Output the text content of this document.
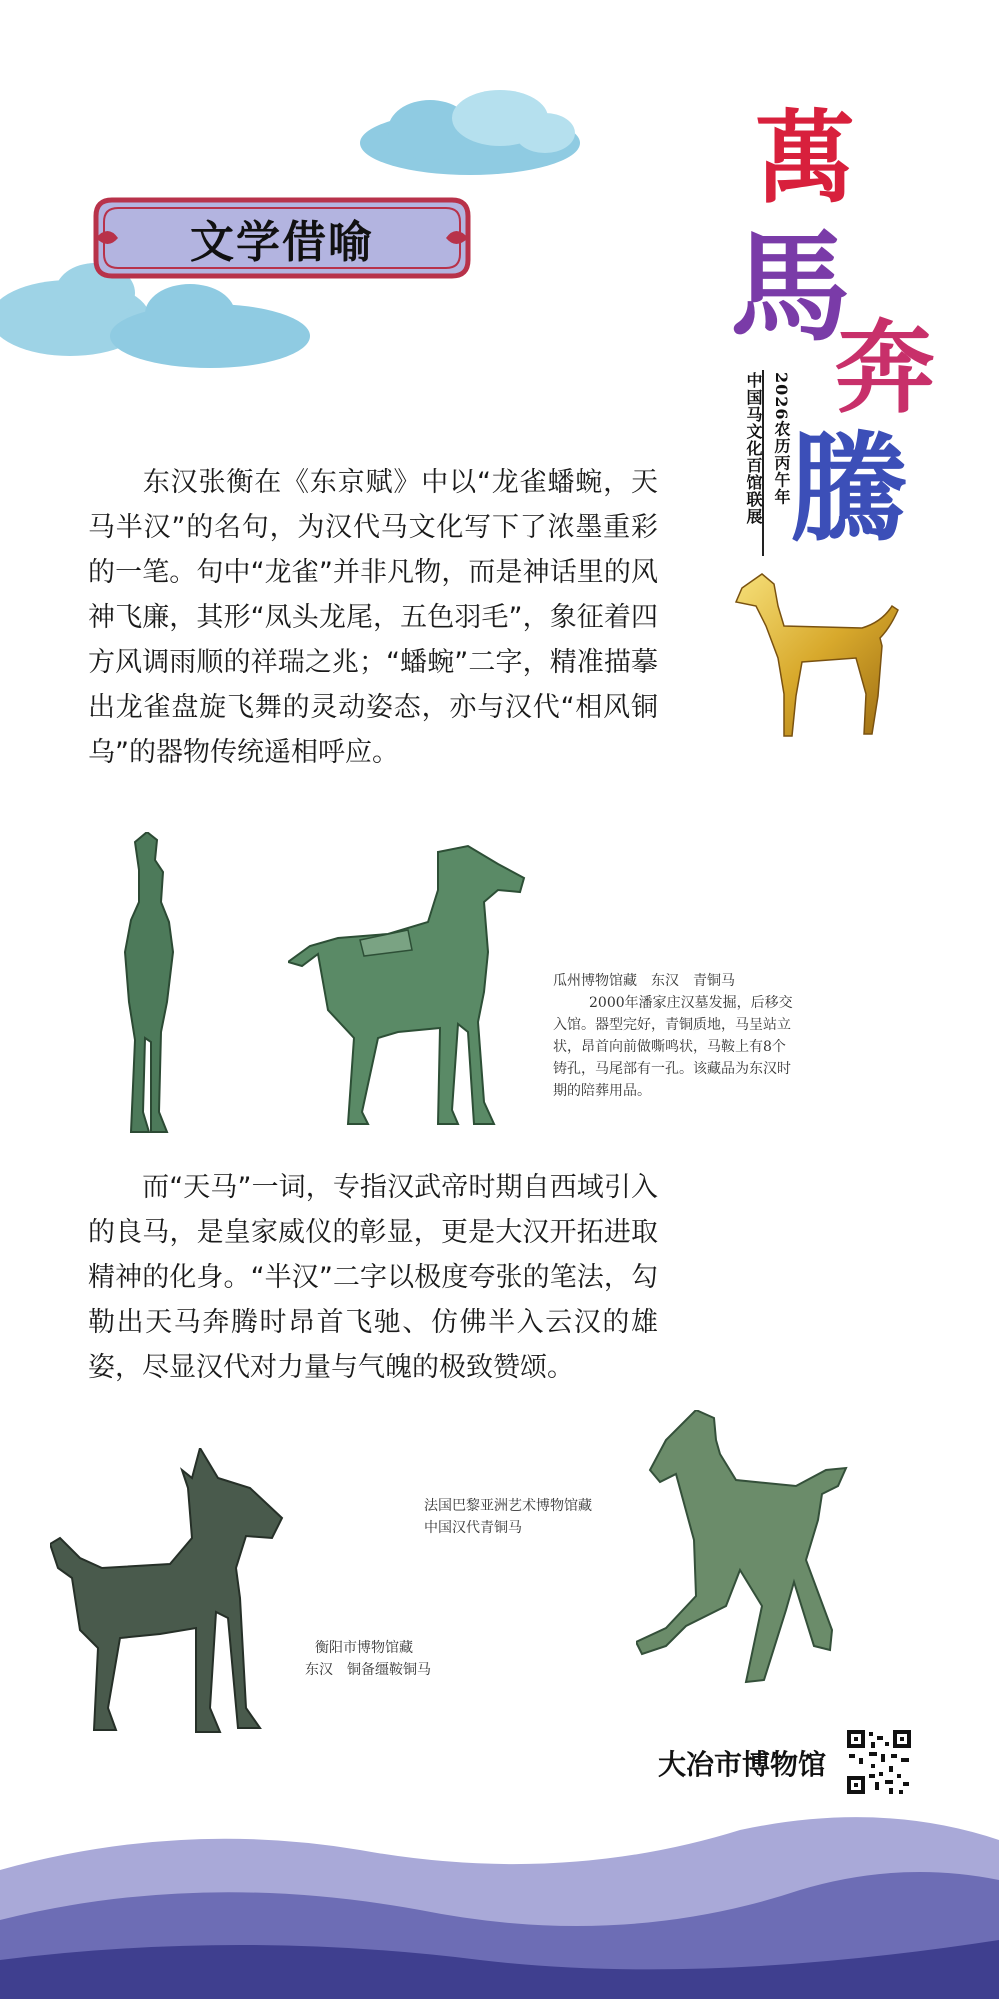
文学借喻
萬
馬
奔
騰
2026农历丙午年
中国马文化百馆联展
东汉张衡在《东京赋》中以“龙雀蟠蜿，天马半汉”的名句，为汉代马文化写下了浓墨重彩的一笔。句中“龙雀”并非凡物，而是神话里的风神飞廉，其形“凤头龙尾，五色羽毛”，象征着四方风调雨顺的祥瑞之兆；“蟠蜿”二字，精准描摹出龙雀盘旋飞舞的灵动姿态，亦与汉代“相风铜乌”的器物传统遥相呼应。
瓜州博物馆藏　东汉　青铜马
2000年潘家庄汉墓发掘，后移交入馆。器型完好，青铜质地，马呈站立状，昂首向前做嘶鸣状，马鞍上有8个铸孔，马尾部有一孔。该藏品为东汉时期的陪葬用品。
而“天马”一词，专指汉武帝时期自西域引入的良马，是皇家威仪的彰显，更是大汉开拓进取精神的化身。“半汉”二字以极度夸张的笔法，勾勒出天马奔腾时昂首飞驰、仿佛半入云汉的雄姿，尽显汉代对力量与气魄的极致赞颂。
衡阳市博物馆藏
东汉　铜备缰鞍铜马
法国巴黎亚洲艺术博物馆藏
中国汉代青铜马
大冶市博物馆
